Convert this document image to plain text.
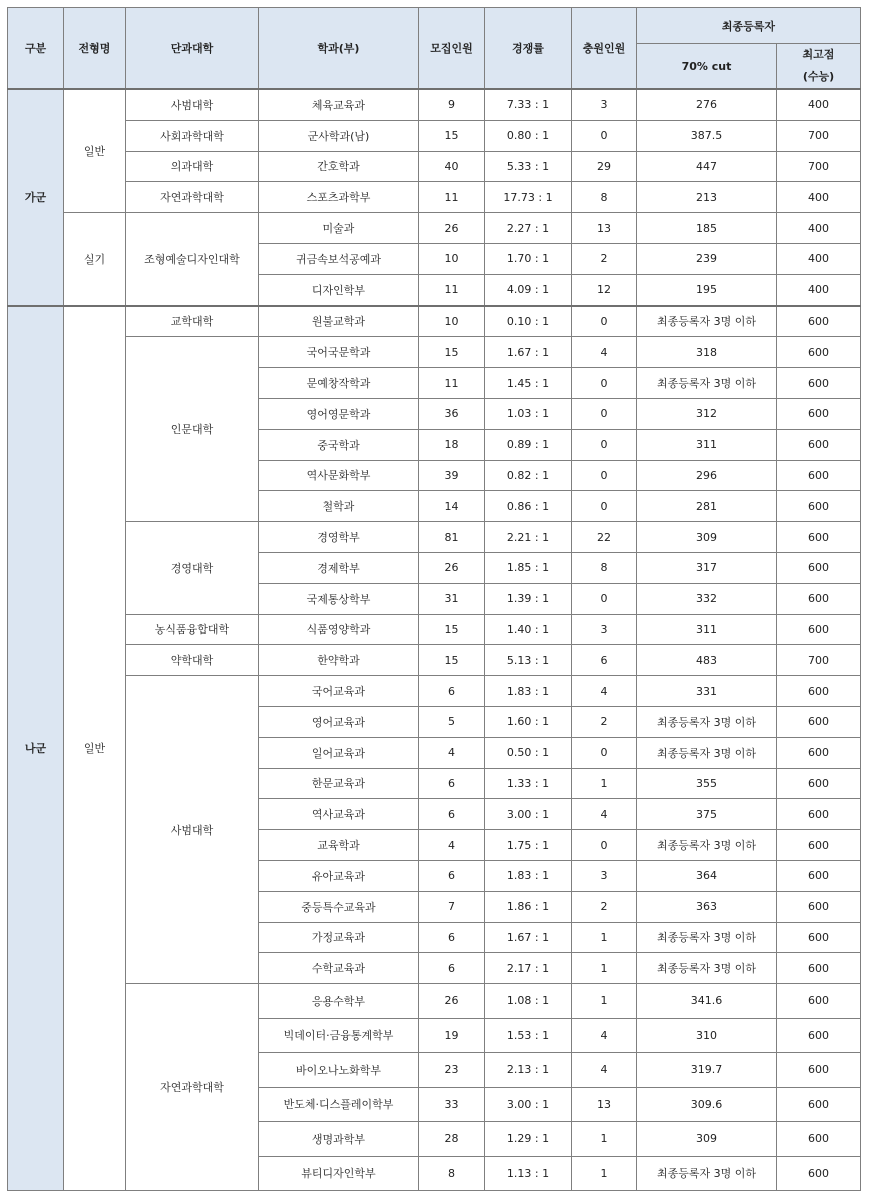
구분	전형명	단과대학	학과(부)	모집인원	경쟁률	충원인원	최종등록자	
							70% cut	최고점
(수능)

가군	일반	사범대학	체육교육과	9	7.33 : 1	3	276	400
		사회과학대학	군사학과(남)	15	0.80 : 1	0	387.5	700
		의과대학	간호학과	40	5.33 : 1	29	447	700
		자연과학대학	스포츠과학부	11	17.73 : 1	8	213	400
	실기	조형예술디자인대학	미술과	26	2.27 : 1	13	185	400
			귀금속보석공예과	10	1.70 : 1	2	239	400
			디자인학부	11	4.09 : 1	12	195	400
나군	일반	교학대학	원불교학과	10	0.10 : 1	0	최종등록자 3명 이하	600
		인문대학	국어국문학과	15	1.67 : 1	4	318	600
			문예창작학과	11	1.45 : 1	0	최종등록자 3명 이하	600
			영어영문학과	36	1.03 : 1	0	312	600
			중국학과	18	0.89 : 1	0	311	600
			역사문화학부	39	0.82 : 1	0	296	600
			철학과	14	0.86 : 1	0	281	600
		경영대학	경영학부	81	2.21 : 1	22	309	600
			경제학부	26	1.85 : 1	8	317	600
			국제통상학부	31	1.39 : 1	0	332	600
		농식품융합대학	식품영양학과	15	1.40 : 1	3	311	600
		약학대학	한약학과	15	5.13 : 1	6	483	700
		사범대학	국어교육과	6	1.83 : 1	4	331	600
			영어교육과	5	1.60 : 1	2	최종등록자 3명 이하	600
			일어교육과	4	0.50 : 1	0	최종등록자 3명 이하	600
			한문교육과	6	1.33 : 1	1	355	600
			역사교육과	6	3.00 : 1	4	375	600
			교육학과	4	1.75 : 1	0	최종등록자 3명 이하	600
			유아교육과	6	1.83 : 1	3	364	600
			중등특수교육과	7	1.86 : 1	2	363	600
			가정교육과	6	1.67 : 1	1	최종등록자 3명 이하	600
			수학교육과	6	2.17 : 1	1	최종등록자 3명 이하	600
		자연과학대학	응용수학부	26	1.08 : 1	1	341.6	600
			빅데이터·금융통계학부	19	1.53 : 1	4	310	600
			바이오나노화학부	23	2.13 : 1	4	319.7	600
			반도체·디스플레이학부	33	3.00 : 1	13	309.6	600
			생명과학부	28	1.29 : 1	1	309	600
			뷰티디자인학부	8	1.13 : 1	1	최종등록자 3명 이하	600
